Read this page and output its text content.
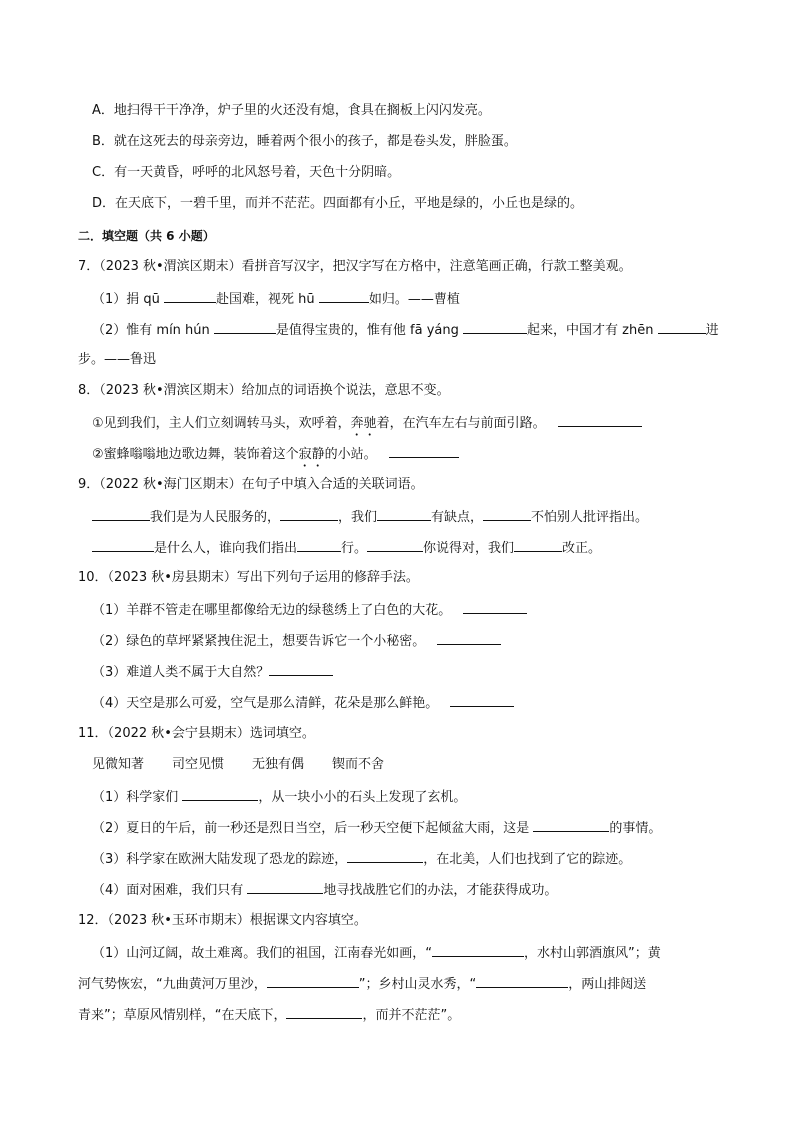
A．地扫得干干净净，炉子里的火还没有熄，食具在搁板上闪闪发亮。
B．就在这死去的母亲旁边，睡着两个很小的孩子，都是卷头发，胖脸蛋。
C．有一天黄昏，呼呼的北风怒号着，天色十分阴暗。
D．在天底下，一碧千里，而并不茫茫。四面都有小丘，平地是绿的，小丘也是绿的。
二．填空题（共 6 小题）
7．（2023 秋•渭滨区期末）看拼音写汉字，把汉字写在方格中，注意笔画正确，行款工整美观。
（1）捐 qū	赴国难，视死 hū	如归。——曹植
（2）惟有 mín hún	是值得宝贵的，惟有他 fā yáng	起来，中国才有 zhēn	进
步。——鲁迅
8．（2023 秋•渭滨区期末）给加点的词语换个说法，意思不变。
①见到我们，主人们立刻调转马头，欢呼着，奔驰着，在汽车左右与前面引路。
②蜜蜂嗡嗡地边歌边舞，装饰着这个寂静的小站。
9．（2022 秋•海门区期末）在句子中填入合适的关联词语。
我们是为人民服务的，	，我们	有缺点，	不怕别人批评指出。
是什么人，谁向我们指出	行。	你说得对，我们	改正。
10．（2023 秋•房县期末）写出下列句子运用的修辞手法。
（1）羊群不管走在哪里都像给无边的绿毯绣上了白色的大花。
（2）绿色的草坪紧紧拽住泥土，想要告诉它一个小秘密。
（3）难道人类不属于大自然？
（4）天空是那么可爱，空气是那么清鲜，花朵是那么鲜艳。
11．（2022 秋•会宁县期末）选词填空。
见微知著 司空见惯 无独有偶 锲而不舍
（1）科学家们	，从一块小小的石头上发现了玄机。
（2）夏日的午后，前一秒还是烈日当空，后一秒天空便下起倾盆大雨，这是	的事情。
（3）科学家在欧洲大陆发现了恐龙的踪迹，	，在北美，人们也找到了它的踪迹。
（4）面对困难，我们只有	地寻找战胜它们的办法，才能获得成功。
12．（2023 秋•玉环市期末）根据课文内容填空。
（1）山河辽阔，故土难离。我们的祖国，江南春光如画，“	，水村山郭酒旗风”；黄
河气势恢宏，“九曲黄河万里沙，	”；乡村山灵水秀，“	，两山排闼送
青来”；草原风情别样，“在天底下，	，而并不茫茫”。
